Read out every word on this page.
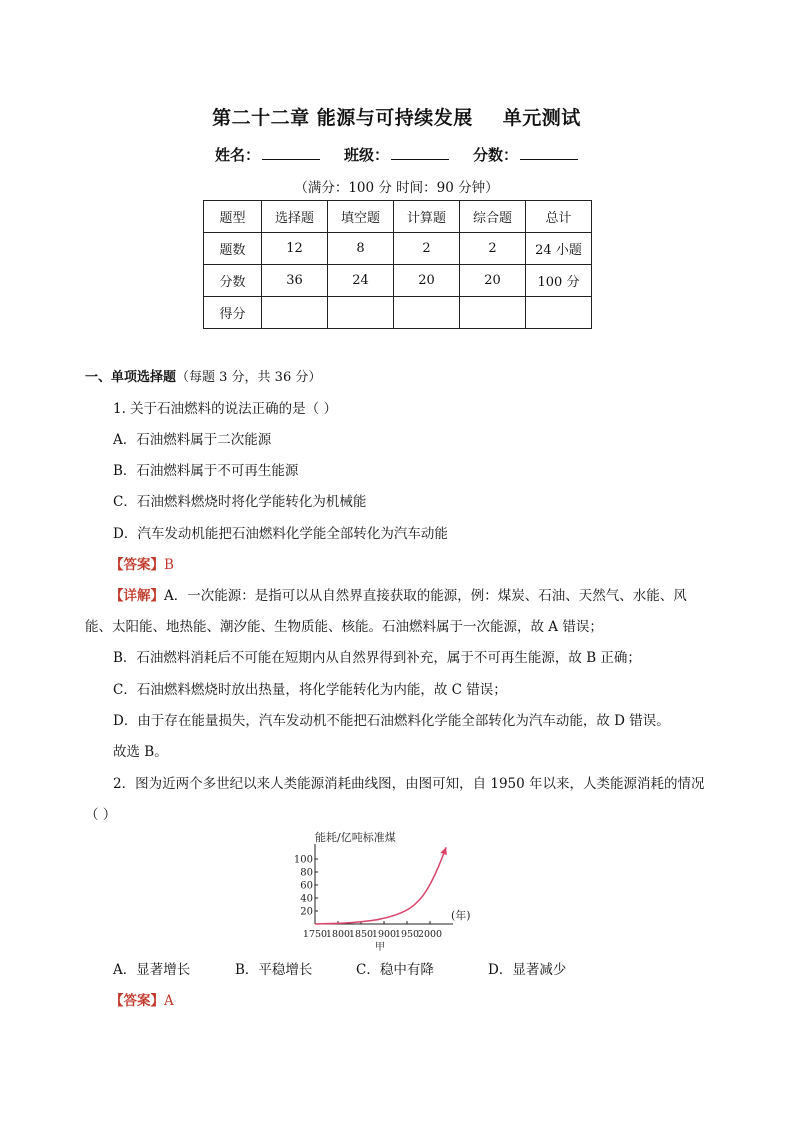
第二十二章 能源与可持续发展 单元测试
姓名：	班级：	分数：
（满分：100 分 时间：90 分钟）
题型	选择题	填空题	计算题	综合题	总计
题数	12	8	2	2	24 小题
分数	36	24	20	20	100 分
得分					
一、单项选择题（每题 3 分，共 36 分）
1. 关于石油燃料的说法正确的是（ ）
A．石油燃料属于二次能源
B．石油燃料属于不可再生能源
C．石油燃料燃烧时将化学能转化为机械能
D．汽车发动机能把石油燃料化学能全部转化为汽车动能
【答案】B
【详解】A．一次能源：是指可以从自然界直接获取的能源，例：煤炭、石油、天然气、水能、风
能、太阳能、地热能、潮汐能、生物质能、核能。石油燃料属于一次能源，故 A 错误；
B．石油燃料消耗后不可能在短期内从自然界得到补充，属于不可再生能源，故 B 正确；
C．石油燃料燃烧时放出热量，将化学能转化为内能，故 C 错误；
D．由于存在能量损失，汽车发动机不能把石油燃料化学能全部转化为汽车动能，故 D 错误。
故选 B。
2．图为近两个多世纪以来人类能源消耗曲线图，由图可知，自 1950 年以来，人类能源消耗的情况
（ ）
能耗/亿吨标准煤
(年)
甲
20
40
60
80
100
1750
1800
1850
1900
1950
2000
A．显著增长	B．平稳增长	C．稳中有降	D．显著减少
【答案】A
